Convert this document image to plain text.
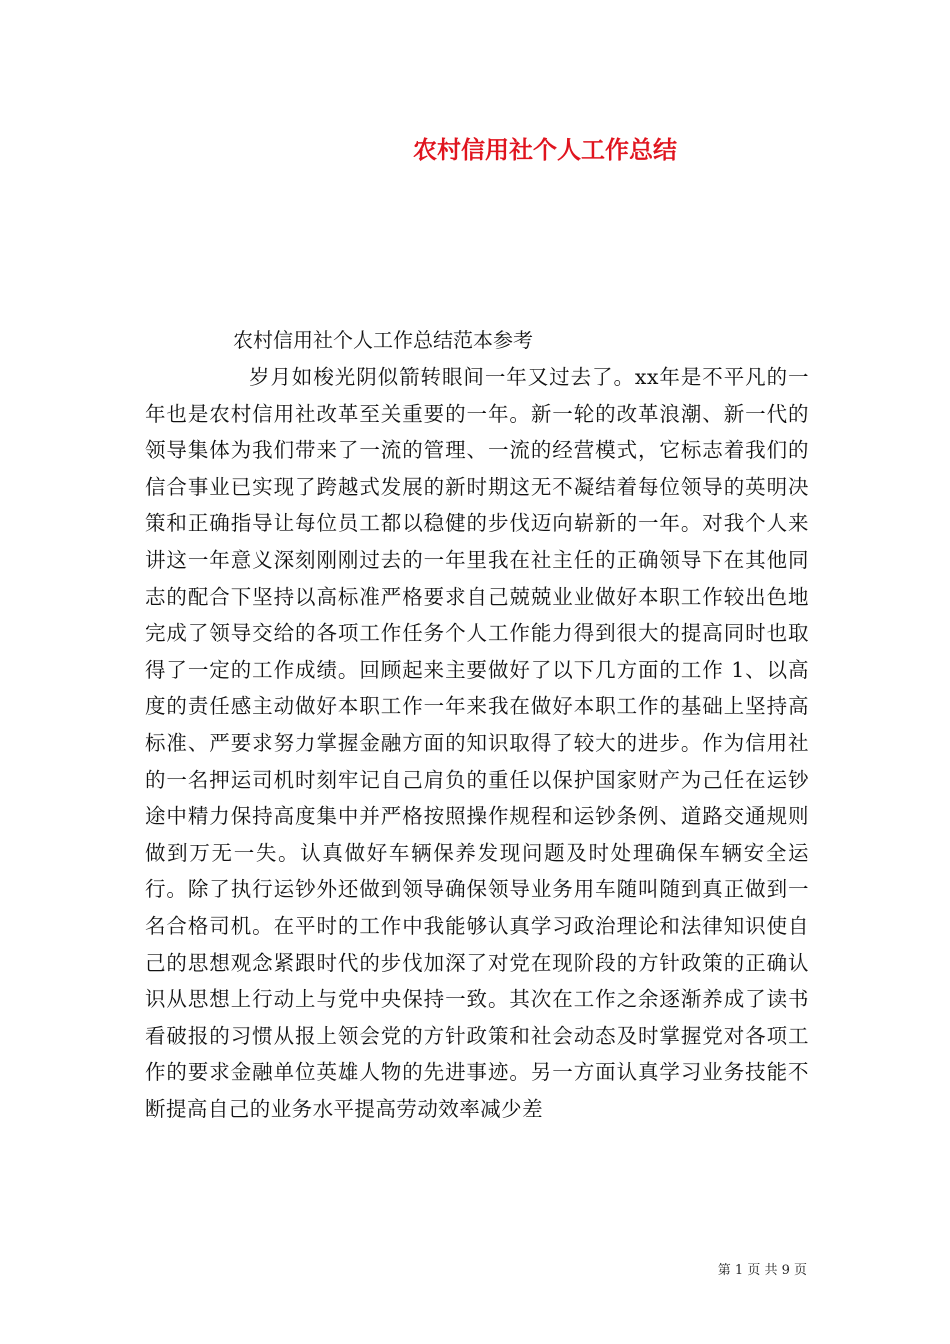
农村信用社个人工作总结
农村信用社个人工作总结范本参考

岁月如梭光阴似箭转眼间一年又过去了。xx年是不平凡的一年也是农村信用社改革至关重要的一年。新一轮的改革浪潮、新一代的领导集体为我们带来了一流的管理、一流的经营模式，它标志着我们的信合事业已实现了跨越式发展的新时期这无不凝结着每位领导的英明决策和正确指导让每位员工都以稳健的步伐迈向崭新的一年。对我个人来讲这一年意义深刻刚刚过去的一年里我在社主任的正确领导下在其他同志的配合下坚持以高标准严格要求自己兢兢业业做好本职工作较出色地完成了领导交给的各项工作任务个人工作能力得到很大的提高同时也取得了一定的工作成绩。回顾起来主要做好了以下几方面的工作 1、以高度的责任感主动做好本职工作一年来我在做好本职工作的基础上坚持高标准、严要求努力掌握金融方面的知识取得了较大的进步。作为信用社的一名押运司机时刻牢记自己肩负的重任以保护国家财产为己任在运钞途中精力保持高度集中并严格按照操作规程和运钞条例、道路交通规则做到万无一失。认真做好车辆保养发现问题及时处理确保车辆安全运行。除了执行运钞外还做到领导确保领导业务用车随叫随到真正做到一名合格司机。在平时的工作中我能够认真学习政治理论和法律知识使自己的思想观念紧跟时代的步伐加深了对党在现阶段的方针政策的正确认识从思想上行动上与党中央保持一致。其次在工作之余逐渐养成了读书看破报的习惯从报上领会党的方针政策和社会动态及时掌握党对各项工作的要求金融单位英雄人物的先进事迹。另一方面认真学习业务技能不断提高自己的业务水平提高劳动效率减少差

第 1 页 共 9 页
